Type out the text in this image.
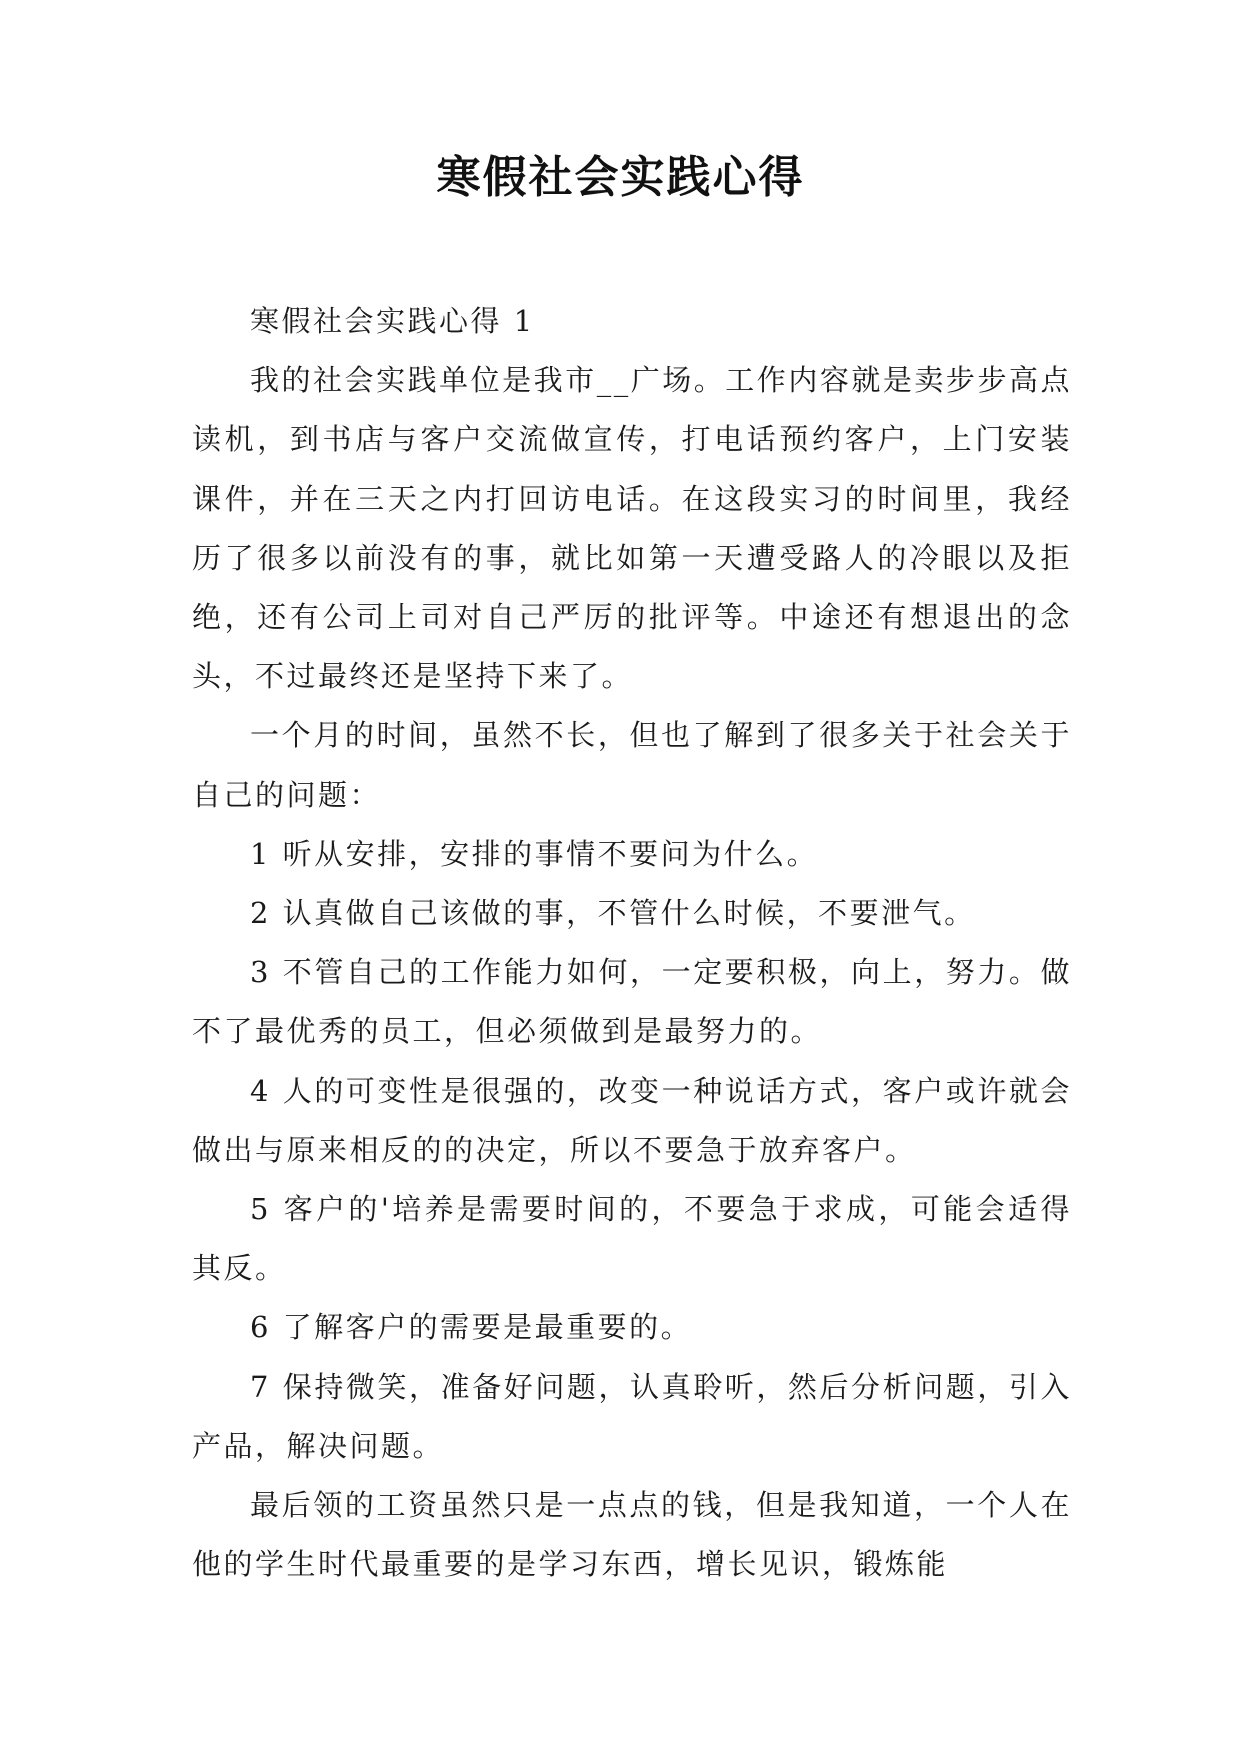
寒假社会实践心得

寒假社会实践心得 1

我的社会实践单位是我市__广场。工作内容就是卖步步高点读机，到书店与客户交流做宣传，打电话预约客户，上门安装课件，并在三天之内打回访电话。在这段实习的时间里，我经历了很多以前没有的事，就比如第一天遭受路人的冷眼以及拒绝，还有公司上司对自己严厉的批评等。中途还有想退出的念头，不过最终还是坚持下来了。

一个月的时间，虽然不长，但也了解到了很多关于社会关于自己的问题：

1 听从安排，安排的事情不要问为什么。

2 认真做自己该做的事，不管什么时候，不要泄气。

3 不管自己的工作能力如何，一定要积极，向上，努力。做不了最优秀的员工，但必须做到是最努力的。

4 人的可变性是很强的，改变一种说话方式，客户或许就会做出与原来相反的的决定，所以不要急于放弃客户。

5 客户的'培养是需要时间的，不要急于求成，可能会适得其反。

6 了解客户的需要是最重要的。

7 保持微笑，准备好问题，认真聆听，然后分析问题，引入产品，解决问题。

最后领的工资虽然只是一点点的钱，但是我知道，一个人在他的学生时代最重要的是学习东西，增长见识，锻炼能
